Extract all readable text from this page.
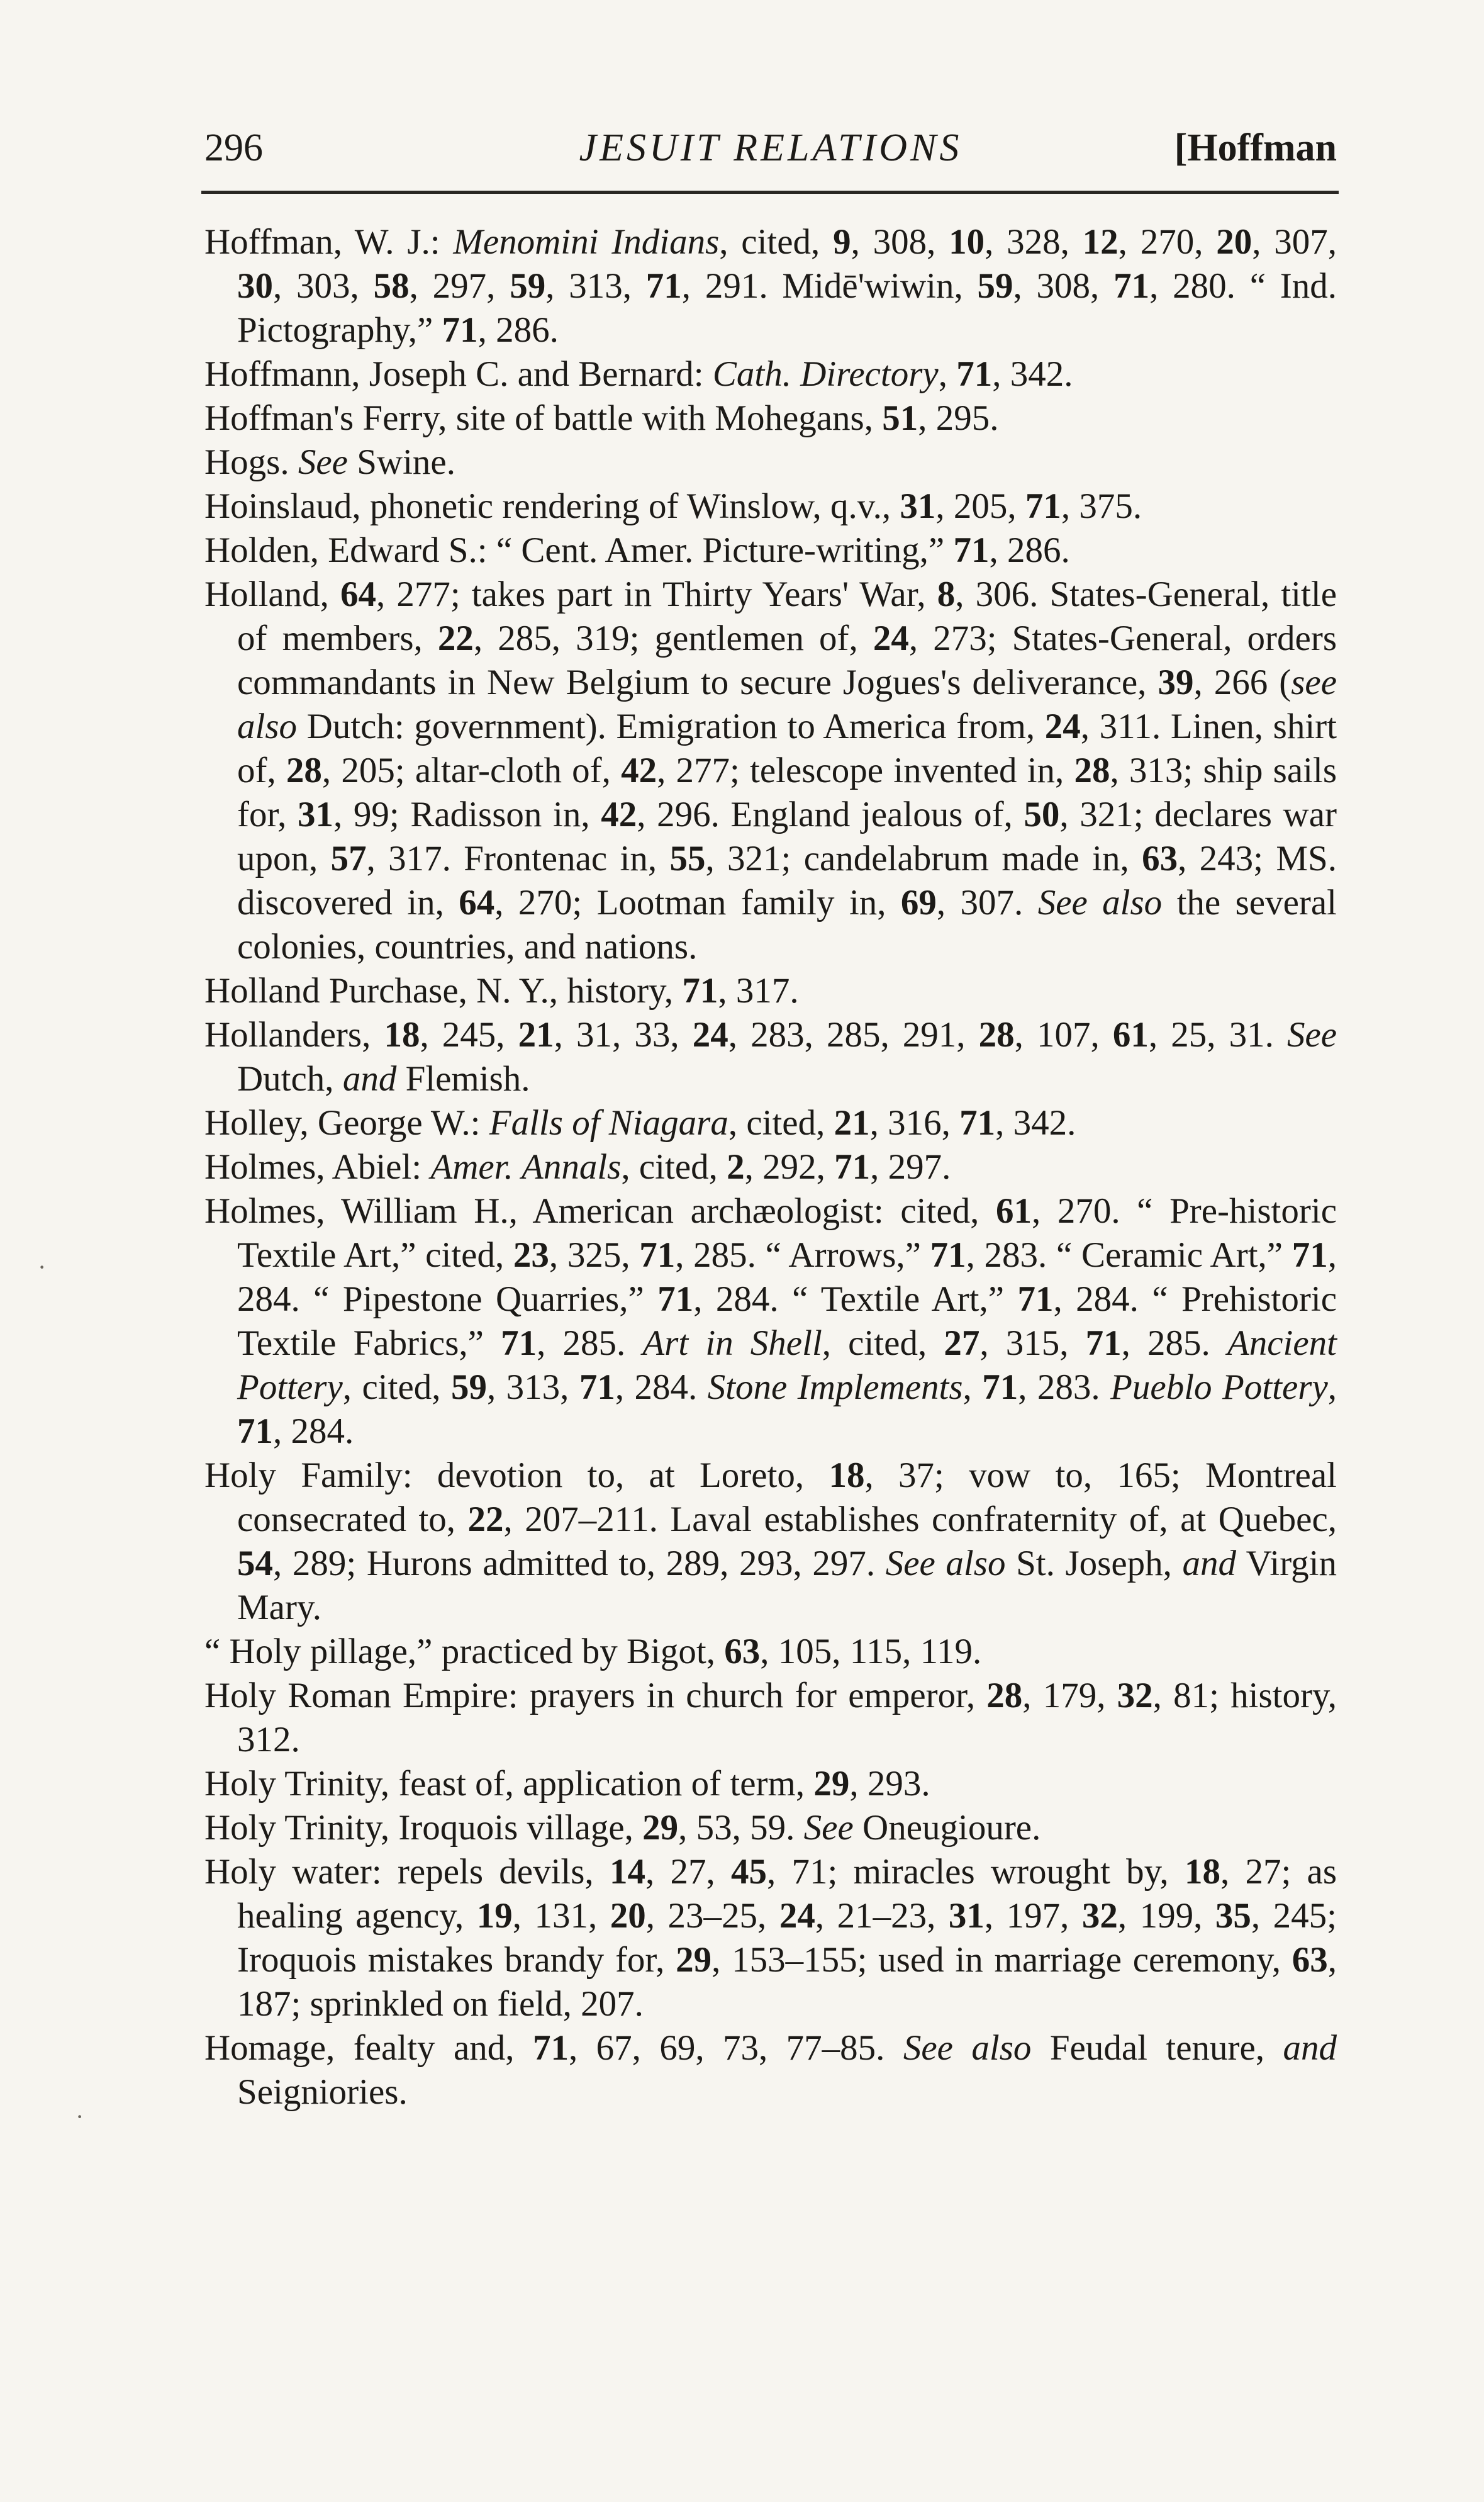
296	JESUIT RELATIONS	[Hoffman
Hoffman, W. J.: Menomini Indians, cited, 9, 308, 10, 328, 12, 270, 20, 307, 30, 303, 58, 297, 59, 313, 71, 291. Midē'wiwin, 59, 308, 71, 280. “ Ind. Pictography,” 71, 286.
Hoffmann, Joseph C. and Bernard: Cath. Directory, 71, 342.
Hoffman's Ferry, site of battle with Mohegans, 51, 295.
Hogs. See Swine.
Hoinslaud, phonetic rendering of Winslow, q.v., 31, 205, 71, 375.
Holden, Edward S.: “ Cent. Amer. Picture-writing,” 71, 286.
Holland, 64, 277; takes part in Thirty Years' War, 8, 306. States-General, title of members, 22, 285, 319; gentlemen of, 24, 273; States-General, orders commandants in New Belgium to secure Jogues's deliverance, 39, 266 (see also Dutch: government). Emigration to America from, 24, 311. Linen, shirt of, 28, 205; altar-cloth of, 42, 277; telescope invented in, 28, 313; ship sails for, 31, 99; Radisson in, 42, 296. England jealous of, 50, 321; declares war upon, 57, 317. Frontenac in, 55, 321; candelabrum made in, 63, 243; MS. discovered in, 64, 270; Lootman family in, 69, 307. See also the several colonies, countries, and nations.
Holland Purchase, N. Y., history, 71, 317.
Hollanders, 18, 245, 21, 31, 33, 24, 283, 285, 291, 28, 107, 61, 25, 31. See Dutch, and Flemish.
Holley, George W.: Falls of Niagara, cited, 21, 316, 71, 342.
Holmes, Abiel: Amer. Annals, cited, 2, 292, 71, 297.
Holmes, William H., American archæologist: cited, 61, 270. “ Pre-historic Textile Art,” cited, 23, 325, 71, 285. “ Arrows,” 71, 283. “ Ceramic Art,” 71, 284. “ Pipestone Quarries,” 71, 284. “ Textile Art,” 71, 284. “ Prehistoric Textile Fabrics,” 71, 285. Art in Shell, cited, 27, 315, 71, 285. Ancient Pottery, cited, 59, 313, 71, 284. Stone Implements, 71, 283. Pueblo Pottery, 71, 284.
Holy Family: devotion to, at Loreto, 18, 37; vow to, 165; Montreal consecrated to, 22, 207–211. Laval establishes confraternity of, at Quebec, 54, 289; Hurons admitted to, 289, 293, 297. See also St. Joseph, and Virgin Mary.
“ Holy pillage,” practiced by Bigot, 63, 105, 115, 119.
Holy Roman Empire: prayers in church for emperor, 28, 179, 32, 81; history, 312.
Holy Trinity, feast of, application of term, 29, 293.
Holy Trinity, Iroquois village, 29, 53, 59. See Oneugioure.
Holy water: repels devils, 14, 27, 45, 71; miracles wrought by, 18, 27; as healing agency, 19, 131, 20, 23–25, 24, 21–23, 31, 197, 32, 199, 35, 245; Iroquois mistakes brandy for, 29, 153–155; used in marriage ceremony, 63, 187; sprinkled on field, 207.
Homage, fealty and, 71, 67, 69, 73, 77–85. See also Feudal tenure, and Seigniories.
·
·
